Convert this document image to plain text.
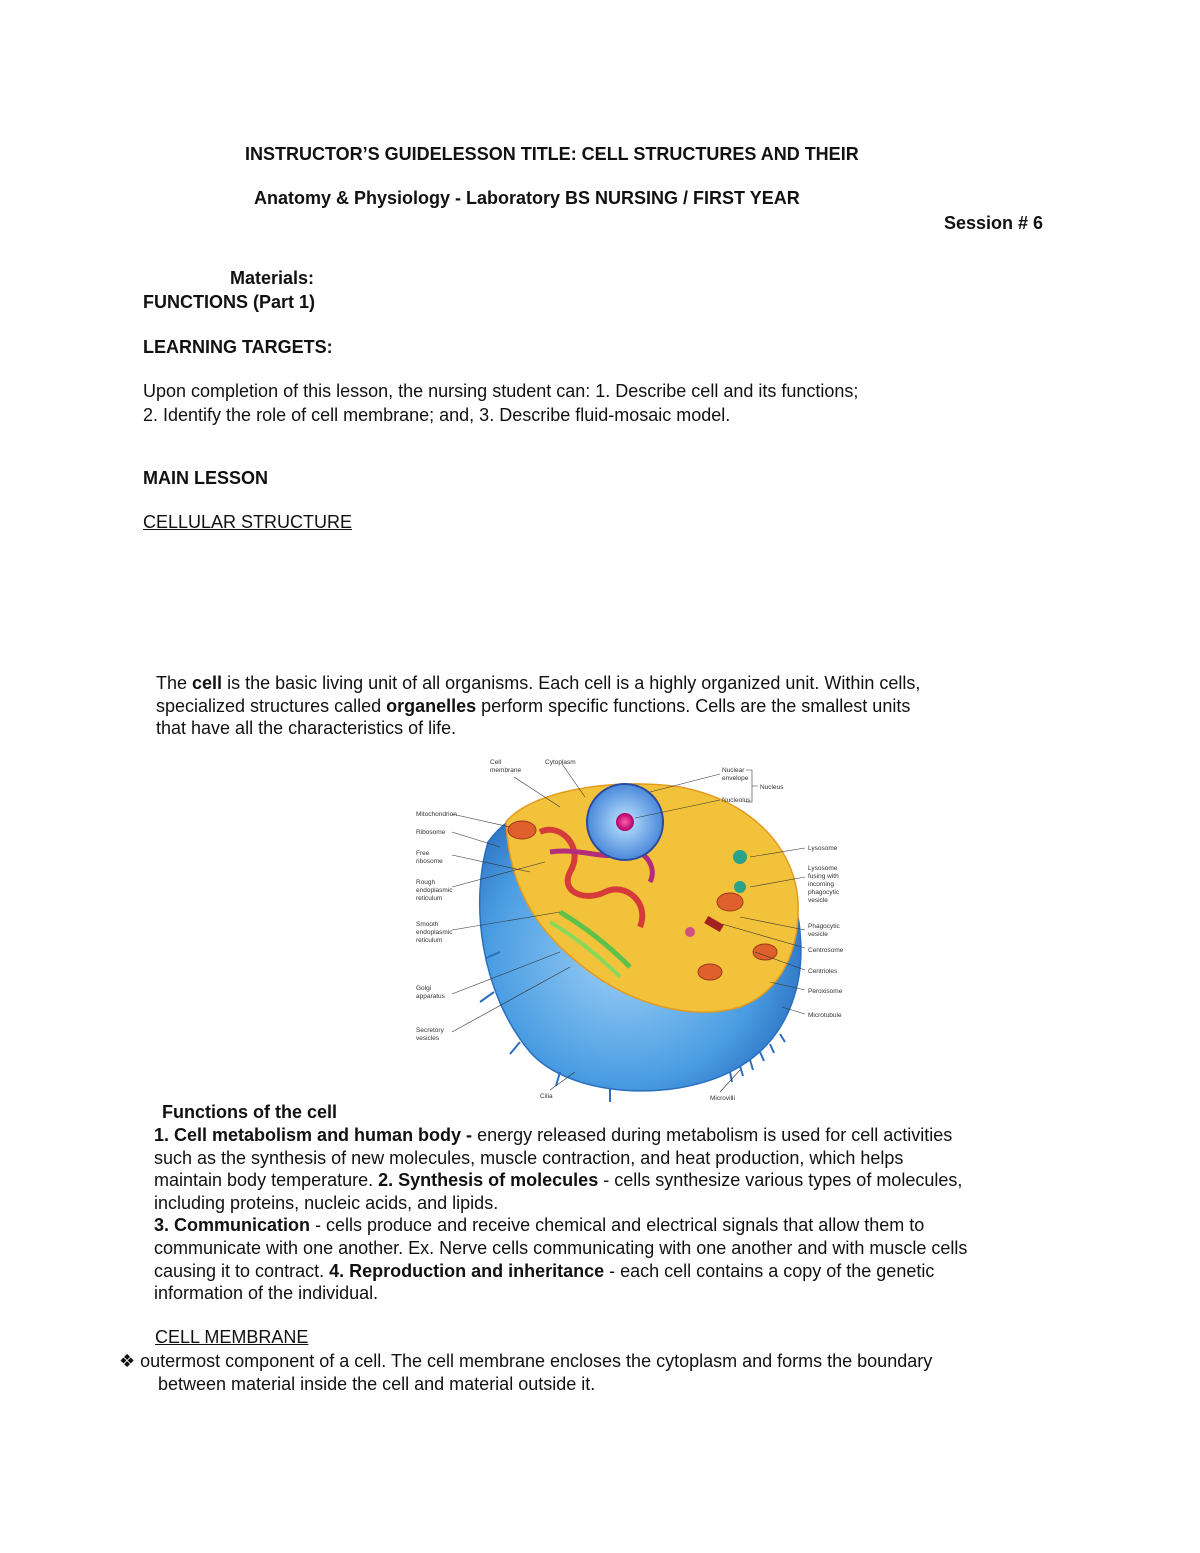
INSTRUCTOR’S GUIDELESSON TITLE: CELL STRUCTURES AND THEIR
Anatomy & Physiology - Laboratory BS NURSING / FIRST YEAR
Session # 6
Materials:
FUNCTIONS (Part 1)
LEARNING TARGETS:
Upon completion of this lesson, the nursing student can: 1. Describe cell and its functions;
2. Identify the role of cell membrane; and, 3. Describe fluid-mosaic model.
MAIN LESSON
CELLULAR STRUCTURE
The cell is the basic living unit of all organisms. Each cell is a highly organized unit. Within cells,
specialized structures called organelles perform specific functions. Cells are the smallest units
that have all the characteristics of life.
Cell
membrane
Cytoplasm
Nuclear
envelope
Nucleolus
Nucleus
Mitochondrion
Ribosome
Free
ribosome
Rough
endoplasmic
reticulum
Smooth
endoplasmic
reticulum
Golgi
apparatus
Secretory
vesicles
Lysosome
Lysosome
fusing with
incoming
phagocytic
vesicle
Phagocytic
vesicle
Centrosome
Centrioles
Peroxisome
Microtubule
Cilia	Microvilli
Functions of the cell
1. Cell metabolism and human body - energy released during metabolism is used for cell activities
such as the synthesis of new molecules, muscle contraction, and heat production, which helps
maintain body temperature. 2. Synthesis of molecules - cells synthesize various types of molecules,
including proteins, nucleic acids, and lipids.
3. Communication - cells produce and receive chemical and electrical signals that allow them to
communicate with one another. Ex. Nerve cells communicating with one another and with muscle cells
causing it to contract. 4. Reproduction and inheritance - each cell contains a copy of the genetic
information of the individual.
CELL MEMBRANE
❖ outermost component of a cell. The cell membrane encloses the cytoplasm and forms the boundary
between material inside the cell and material outside it.
